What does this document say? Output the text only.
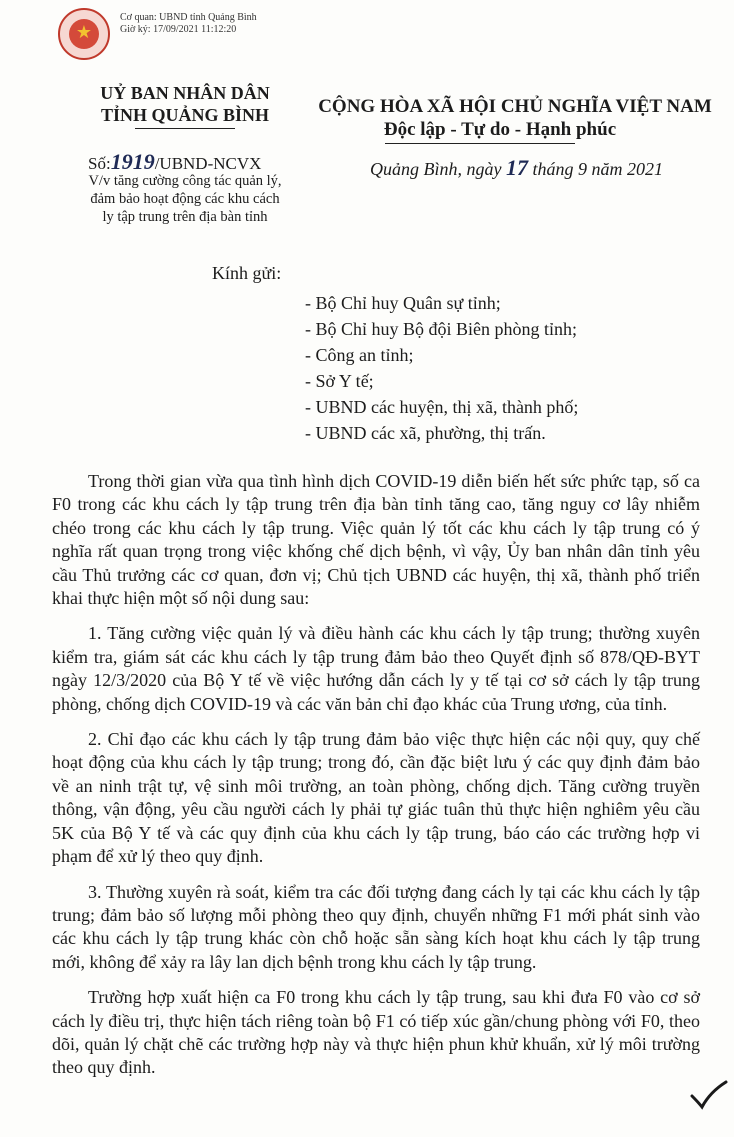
★
Cơ quan: UBND tỉnh Quảng Bình
Giờ ký: 17/09/2021 11:12:20
UỶ BAN NHÂN DÂN
TỈNH QUẢNG BÌNH
Số:1919/UBND-NCVX
V/v tăng cường công tác quản lý,
đảm bảo hoạt động các khu cách
ly tập trung trên địa bàn tỉnh
CỘNG HÒA XÃ HỘI CHỦ NGHĨA VIỆT NAM
Độc lập - Tự do - Hạnh phúc
Quảng Bình, ngày 17 tháng 9 năm 2021
Kính gửi:
- Bộ Chỉ huy Quân sự tỉnh;
- Bộ Chỉ huy Bộ đội Biên phòng tỉnh;
- Công an tỉnh;
- Sở Y tế;
- UBND các huyện, thị xã, thành phố;
- UBND các xã, phường, thị trấn.

Trong thời gian vừa qua tình hình dịch COVID-19 diễn biến hết sức phức tạp, số ca F0 trong các khu cách ly tập trung trên địa bàn tỉnh tăng cao, tăng nguy cơ lây nhiễm chéo trong các khu cách ly tập trung. Việc quản lý tốt các khu cách ly tập trung có ý nghĩa rất quan trọng trong việc khống chế dịch bệnh, vì vậy, Ủy ban nhân dân tỉnh yêu cầu Thủ trưởng các cơ quan, đơn vị; Chủ tịch UBND các huyện, thị xã, thành phố triển khai thực hiện một số nội dung sau:

1. Tăng cường việc quản lý và điều hành các khu cách ly tập trung; thường xuyên kiểm tra, giám sát các khu cách ly tập trung đảm bảo theo Quyết định số 878/QĐ-BYT ngày 12/3/2020 của Bộ Y tế về việc hướng dẫn cách ly y tế tại cơ sở cách ly tập trung phòng, chống dịch COVID-19 và các văn bản chỉ đạo khác của Trung ương, của tỉnh.

2. Chỉ đạo các khu cách ly tập trung đảm bảo việc thực hiện các nội quy, quy chế hoạt động của khu cách ly tập trung; trong đó, cần đặc biệt lưu ý các quy định đảm bảo về an ninh trật tự, vệ sinh môi trường, an toàn phòng, chống dịch. Tăng cường truyền thông, vận động, yêu cầu người cách ly phải tự giác tuân thủ thực hiện nghiêm yêu cầu 5K của Bộ Y tế và các quy định của khu cách ly tập trung, báo cáo các trường hợp vi phạm để xử lý theo quy định.

3. Thường xuyên rà soát, kiểm tra các đối tượng đang cách ly tại các khu cách ly tập trung; đảm bảo số lượng mỗi phòng theo quy định, chuyển những F1 mới phát sinh vào các khu cách ly tập trung khác còn chỗ hoặc sẵn sàng kích hoạt khu cách ly tập trung mới, không để xảy ra lây lan dịch bệnh trong khu cách ly tập trung.

Trường hợp xuất hiện ca F0 trong khu cách ly tập trung, sau khi đưa F0 vào cơ sở cách ly điều trị, thực hiện tách riêng toàn bộ F1 có tiếp xúc gần/chung phòng với F0, theo dõi, quản lý chặt chẽ các trường hợp này và thực hiện phun khử khuẩn, xử lý môi trường theo quy định.
